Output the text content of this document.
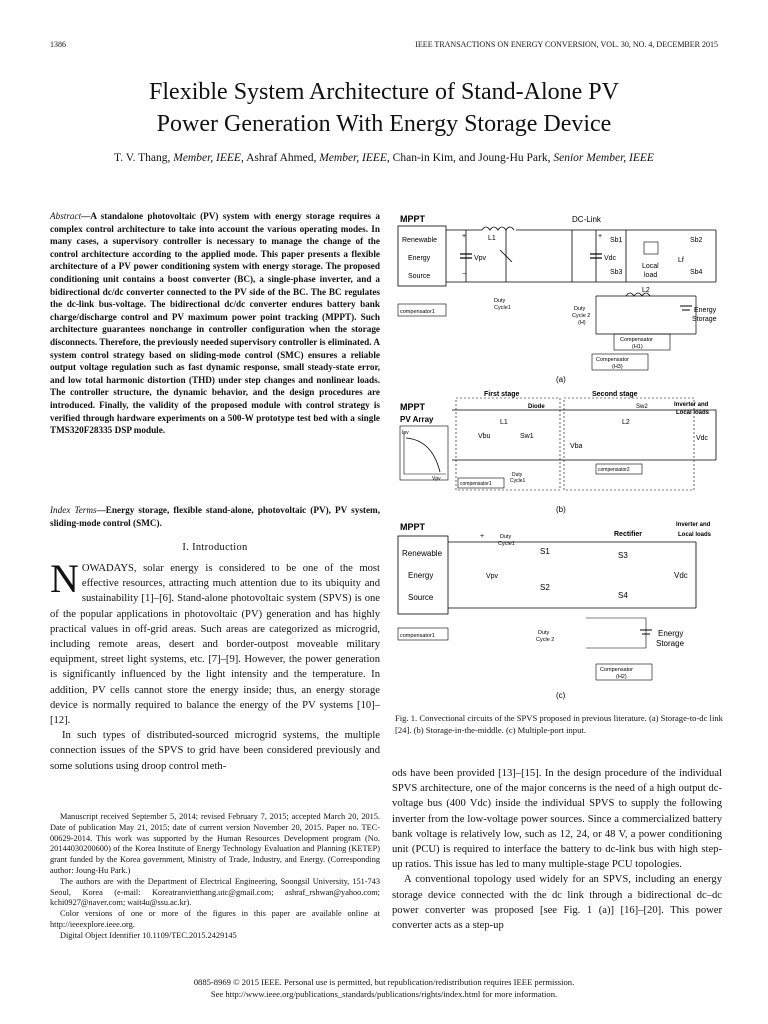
1386	IEEE TRANSACTIONS ON ENERGY CONVERSION, VOL. 30, NO. 4, DECEMBER 2015
Flexible System Architecture of Stand-Alone PV
Power Generation With Energy Storage Device
T. V. Thang, Member, IEEE, Ashraf Ahmed, Member, IEEE, Chan-in Kim, and Joung-Hu Park, Senior Member, IEEE
Abstract—A standalone photovoltaic (PV) system with energy storage requires a complex control architecture to take into account the various operating modes. In many cases, a supervisory controller is necessary to manage the change of the control architecture according to the applied mode. This paper presents a flexible architecture of a PV power conditioning system with energy storage. The proposed conditioning unit contains a boost converter (BC), a single-phase inverter, and a bidirectional dc/dc converter connected to the PV side of the BC. The BC regulates the dc-link bus-voltage. The bidirectional dc/dc converter endures battery bank charge/discharge control and PV maximum power point tracking (MPPT). Such architecture guarantees nonchange in controller configuration when the storage disconnects. Therefore, the previously needed supervisory controller is eliminated. A system control strategy based on sliding-mode control (SMC) ensures a reliable output voltage regulation such as fast dynamic response, small steady-state error, and low total harmonic distortion (THD) under step changes and nonlinear loads. The controller structure, the dynamic behavior, and the design procedures are introduced. Finally, the validity of the proposed module with control strategy is verified through hardware experiments on a 500-W prototype test bed with a single TMS320F28335 DSP module.
Index Terms—Energy storage, flexible stand-alone, photovoltaic (PV), PV system, sliding-mode control (SMC).
I. Introduction
NOWADAYS, solar energy is considered to be one of the most effective resources, attracting much attention due to its ubiquity and sustainability [1]–[6]. Stand-alone photovoltaic system (SPVS) is one of the popular applications in photovoltaic (PV) generation and has highly practical values in off-grid areas. Such areas are categorized as microgrid, including remote areas, desert and border-outpost moveable military equipment, street light systems, etc. [7]–[9]. However, the power generation is significantly influenced by the light intensity and the temperature. In addition, PV cells cannot store the energy inside; thus, an energy storage device is normally required to balance the energy of the PV systems [10]–[12].
In such types of distributed-sourced microgrid systems, the multiple connection issues of the SPVS to grid have been considered previously and some solutions using droop control meth-

Manuscript received September 5, 2014; revised February 7, 2015; accepted March 20, 2015. Date of publication May 21, 2015; date of current version November 20, 2015. Paper no. TEC-00629-2014. This work was supported by the Human Resources Development program (No. 20144030200600) of the Korea Institute of Energy Technology Evaluation and Planning (KETEP) grant funded by the Korea government, Ministry of Trade, Industry, and Energy. (Corresponding author: Joung-Hu Park.)

The authors are with the Department of Electrical Engineering, Soongsil University, 151-743 Seoul, Korea (e-mail: Koreatranvietthang.utc@gmail.com; ashraf_rshwan@yahoo.com; kchi0927@naver.com; wait4u@ssu.ac.kr).

Color versions of one or more of the figures in this paper are available online at http://ieeexplore.ieee.org.

Digital Object Identifier 10.1109/TEC.2015.2429145

MPPT
Renewable
Energy
Source
+
−
Vpv
L1
DC-Link
+
Vdc
Sb1	Sb2
Sb3	Sb4
Lf
Local
load
compensator1
Duty
Cycle1	Duty
Cycle 2
(H)
L2
Energy
Storage
Compensator
(H1)
Compensator
(H3)
(a)
MPPT
PV Array
Ipv
Vpv
First stage	Second stage
Inverter and
Local loads
Vbu
L1
Sw1
Diode
Vba
L2
Sw2
Vdc
compensator1
compensator2
Duty
Cycle1
(b)
MPPT
Renewable
Energy
Source
+
Vpv
Duty
Cycle1
S1
S2
S3
S4
Rectifier
Inverter and
Local loads
Vdc
compensator1	Duty
Cycle 2
Energy
Storage
Compensator
(H2)
(c)
Fig. 1. Convectional circuits of the SPVS proposed in previous literature. (a) Storage-to-dc link [24]. (b) Storage-in-the-middle. (c) Multiple-port input.
ods have been provided [13]–[15]. In the design procedure of the individual SPVS architecture, one of the major concerns is the need of a high output dc-voltage bus (400 Vdc) inside the individual SPVS to supply the following inverter from the low-voltage power sources. Since a commercialized battery bank voltage is relatively low, such as 12, 24, or 48 V, a power conditioning unit (PCU) is required to interface the battery to dc-link bus with high step-up ratios. This issue has led to many multiple-stage PCU topologies.
A conventional topology used widely for an SPVS, including an energy storage device connected with the dc link through a bidirectional dc–dc power converter was proposed [see Fig. 1 (a)] [16]–[20]. This power converter acts as a step-up
0885-8969 © 2015 IEEE. Personal use is permitted, but republication/redistribution requires IEEE permission.
See http://www.ieee.org/publications_standards/publications/rights/index.html for more information.
